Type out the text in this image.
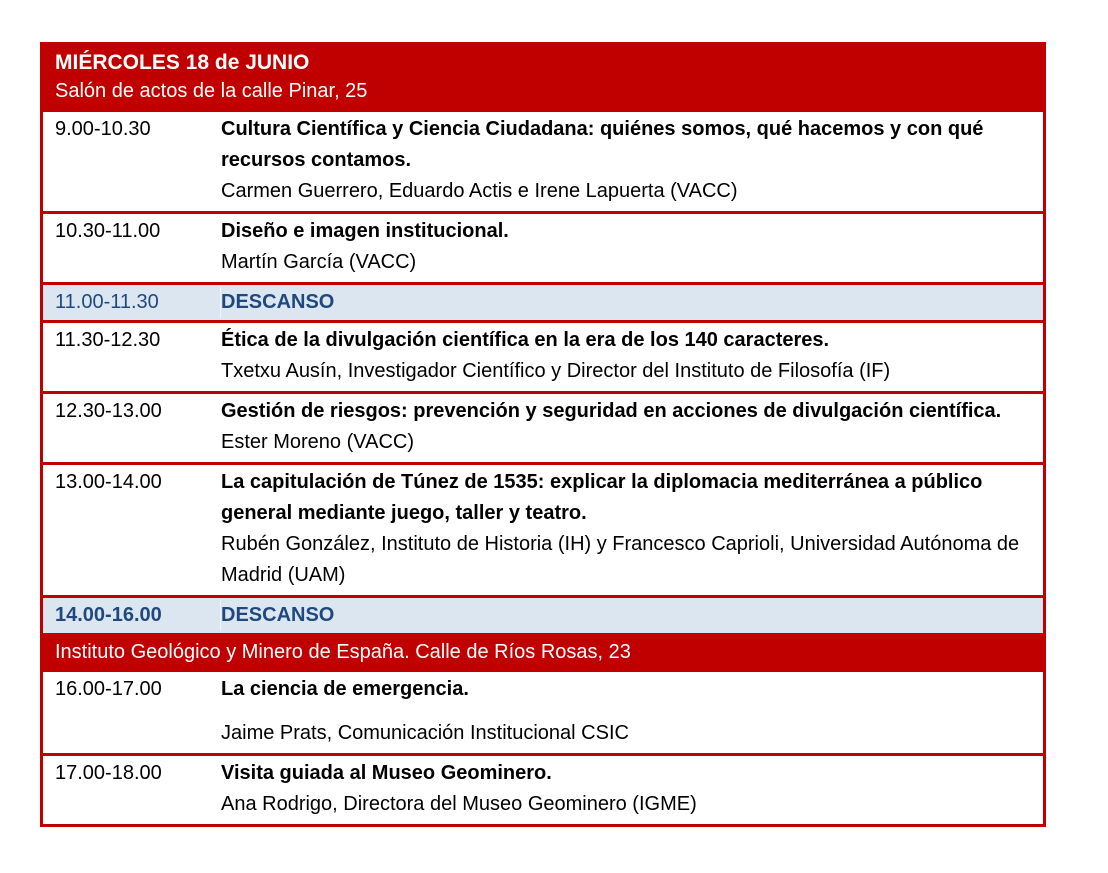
MIÉRCOLES 18 de JUNIO
Salón de actos de la calle Pinar, 25
9.00-10.30	Cultura Científica y Ciencia Ciudadana: quiénes somos, qué hacemos y con qué recursos contamos.
Carmen Guerrero, Eduardo Actis e Irene Lapuerta (VACC)
10.30-11.00	Diseño e imagen institucional.
Martín García (VACC)
11.00-11.30	DESCANSO
11.30-12.30	Ética de la divulgación científica en la era de los 140 caracteres.
Txetxu Ausín, Investigador Científico y Director del Instituto de Filosofía (IF)
12.30-13.00	Gestión de riesgos: prevención y seguridad en acciones de divulgación científica.
Ester Moreno (VACC)
13.00-14.00	La capitulación de Túnez de 1535: explicar la diplomacia mediterránea a público general mediante juego, taller y teatro.
Rubén González, Instituto de Historia (IH) y Francesco Caprioli, Universidad Autónoma de Madrid (UAM)
14.00-16.00	DESCANSO
Instituto Geológico y Minero de España. Calle de Ríos Rosas, 23
16.00-17.00	La ciencia de emergencia.
Jaime Prats, Comunicación Institucional CSIC
17.00-18.00	Visita guiada al Museo Geominero.
Ana Rodrigo, Directora del Museo Geominero (IGME)
